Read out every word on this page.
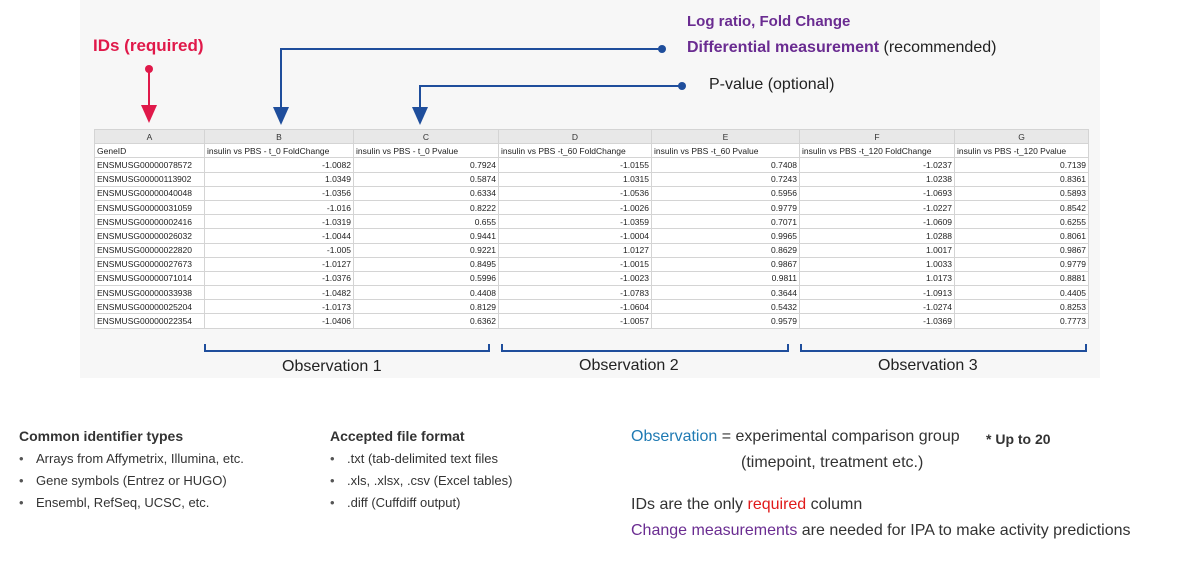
IDs (required)
Log ratio, Fold Change
Differential measurement (recommended)
P-value (optional)
A	B	C	D	E	F	G
GeneID	insulin vs PBS - t_0 FoldChange	insulin vs PBS - t_0 Pvalue	insulin vs PBS -t_60 FoldChange	insulin vs PBS -t_60 Pvalue	insulin vs PBS -t_120 FoldChange	insulin vs PBS -t_120 Pvalue
ENSMUSG00000078572	-1.0082	0.7924	-1.0155	0.7408	-1.0237	0.7139
ENSMUSG00000113902	1.0349	0.5874	1.0315	0.7243	1.0238	0.8361
ENSMUSG00000040048	-1.0356	0.6334	-1.0536	0.5956	-1.0693	0.5893
ENSMUSG00000031059	-1.016	0.8222	-1.0026	0.9779	-1.0227	0.8542
ENSMUSG00000002416	-1.0319	0.655	-1.0359	0.7071	-1.0609	0.6255
ENSMUSG00000026032	-1.0044	0.9441	-1.0004	0.9965	1.0288	0.8061
ENSMUSG00000022820	-1.005	0.9221	1.0127	0.8629	1.0017	0.9867
ENSMUSG00000027673	-1.0127	0.8495	-1.0015	0.9867	1.0033	0.9779
ENSMUSG00000071014	-1.0376	0.5996	-1.0023	0.9811	1.0173	0.8881
ENSMUSG00000033938	-1.0482	0.4408	-1.0783	0.3644	-1.0913	0.4405
ENSMUSG00000025204	-1.0173	0.8129	-1.0604	0.5432	-1.0274	0.8253
ENSMUSG00000022354	-1.0406	0.6362	-1.0057	0.9579	-1.0369	0.7773
Observation 1	Observation 2	Observation 3
Common identifier types
• Arrays from Affymetrix, Illumina, etc.
• Gene symbols (Entrez or HUGO)
• Ensembl, RefSeq, UCSC, etc.
Accepted file format
• .txt (tab-delimited text files
• .xls, .xlsx, .csv (Excel tables)
• .diff (Cuffdiff output)
Observation = experimental comparison group * Up to 20
(timepoint, treatment etc.)
IDs are the only required column
Change measurements are needed for IPA to make activity predictions
